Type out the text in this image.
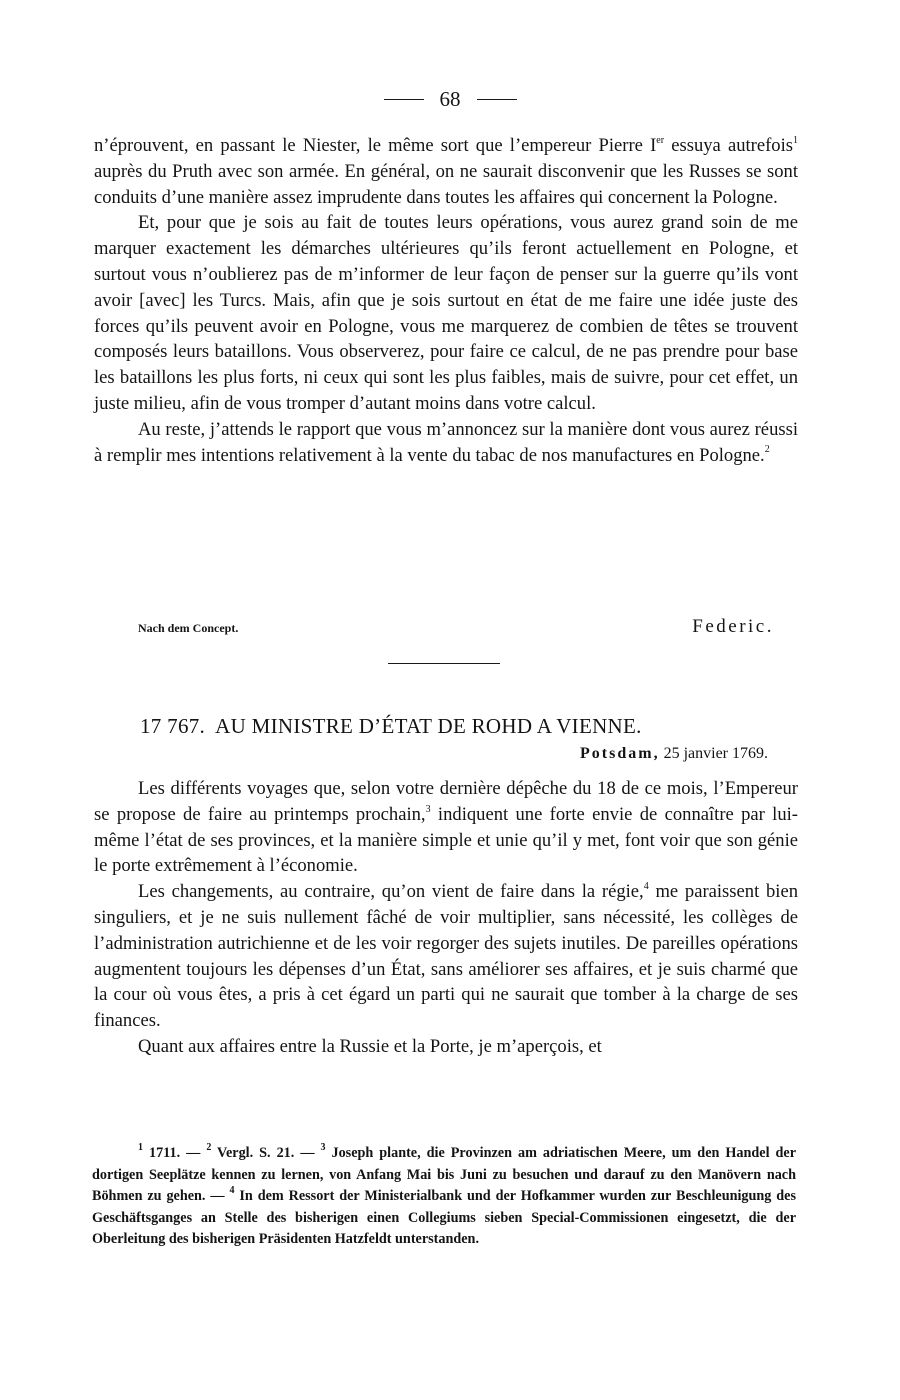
68

n’éprouvent, en passant le Niester, le même sort que l’empereur Pierre Ier essuya autrefois$^1$ auprès du Pruth avec son armée. En général, on ne saurait disconvenir que les Russes se sont conduits d’une manière assez imprudente dans toutes les affaires qui concernent la Pologne.

Et, pour que je sois au fait de toutes leurs opérations, vous aurez grand soin de me marquer exactement les démarches ultérieures qu’ils feront actuellement en Pologne, et surtout vous n’oublierez pas de m’informer de leur façon de penser sur la guerre qu’ils vont avoir [avec] les Turcs. Mais, afin que je sois surtout en état de me faire une idée juste des forces qu’ils peuvent avoir en Pologne, vous me marquerez de combien de têtes se trouvent composés leurs bataillons. Vous observerez, pour faire ce calcul, de ne pas prendre pour base les bataillons les plus forts, ni ceux qui sont les plus faibles, mais de suivre, pour cet effet, un juste milieu, afin de vous tromper d’autant moins dans votre calcul.

Au reste, j’attends le rapport que vous m’annoncez sur la manière dont vous aurez réussi à remplir mes intentions relativement à la vente du tabac de nos manufactures en Pologne.$^2$

Nach dem Concept.	Federic.
17 767. AU MINISTRE D’ÉTAT DE ROHD A VIENNE.
Potsdam, 25 janvier 1769.

Les différents voyages que, selon votre dernière dépêche du 18 de ce mois, l’Empereur se propose de faire au printemps prochain,$^3$ indiquent une forte envie de connaître par lui-même l’état de ses provinces, et la manière simple et unie qu’il y met, font voir que son génie le porte extrêmement à l’économie.

Les changements, au contraire, qu’on vient de faire dans la régie,$^4$ me paraissent bien singuliers, et je ne suis nullement fâché de voir multiplier, sans nécessité, les collèges de l’administration autrichienne et de les voir regorger des sujets inutiles. De pareilles opérations augmentent toujours les dépenses d’un État, sans améliorer ses affaires, et je suis charmé que la cour où vous êtes, a pris à cet égard un parti qui ne saurait que tomber à la charge de ses finances.

Quant aux affaires entre la Russie et la Porte, je m’aperçois, et

$^1$ 1711. — $^2$ Vergl. S. 21. — $^3$ Joseph plante, die Provinzen am adriatischen Meere, um den Handel der dortigen Seeplätze kennen zu lernen, von Anfang Mai bis Juni zu besuchen und darauf zu den Manövern nach Böhmen zu gehen. — $^4$ In dem Ressort der Ministerialbank und der Hofkammer wurden zur Beschleunigung des Geschäftsganges an Stelle des bisherigen einen Collegiums sieben Special-Commissionen eingesetzt, die der Oberleitung des bisherigen Präsidenten Hatzfeldt unterstanden.
